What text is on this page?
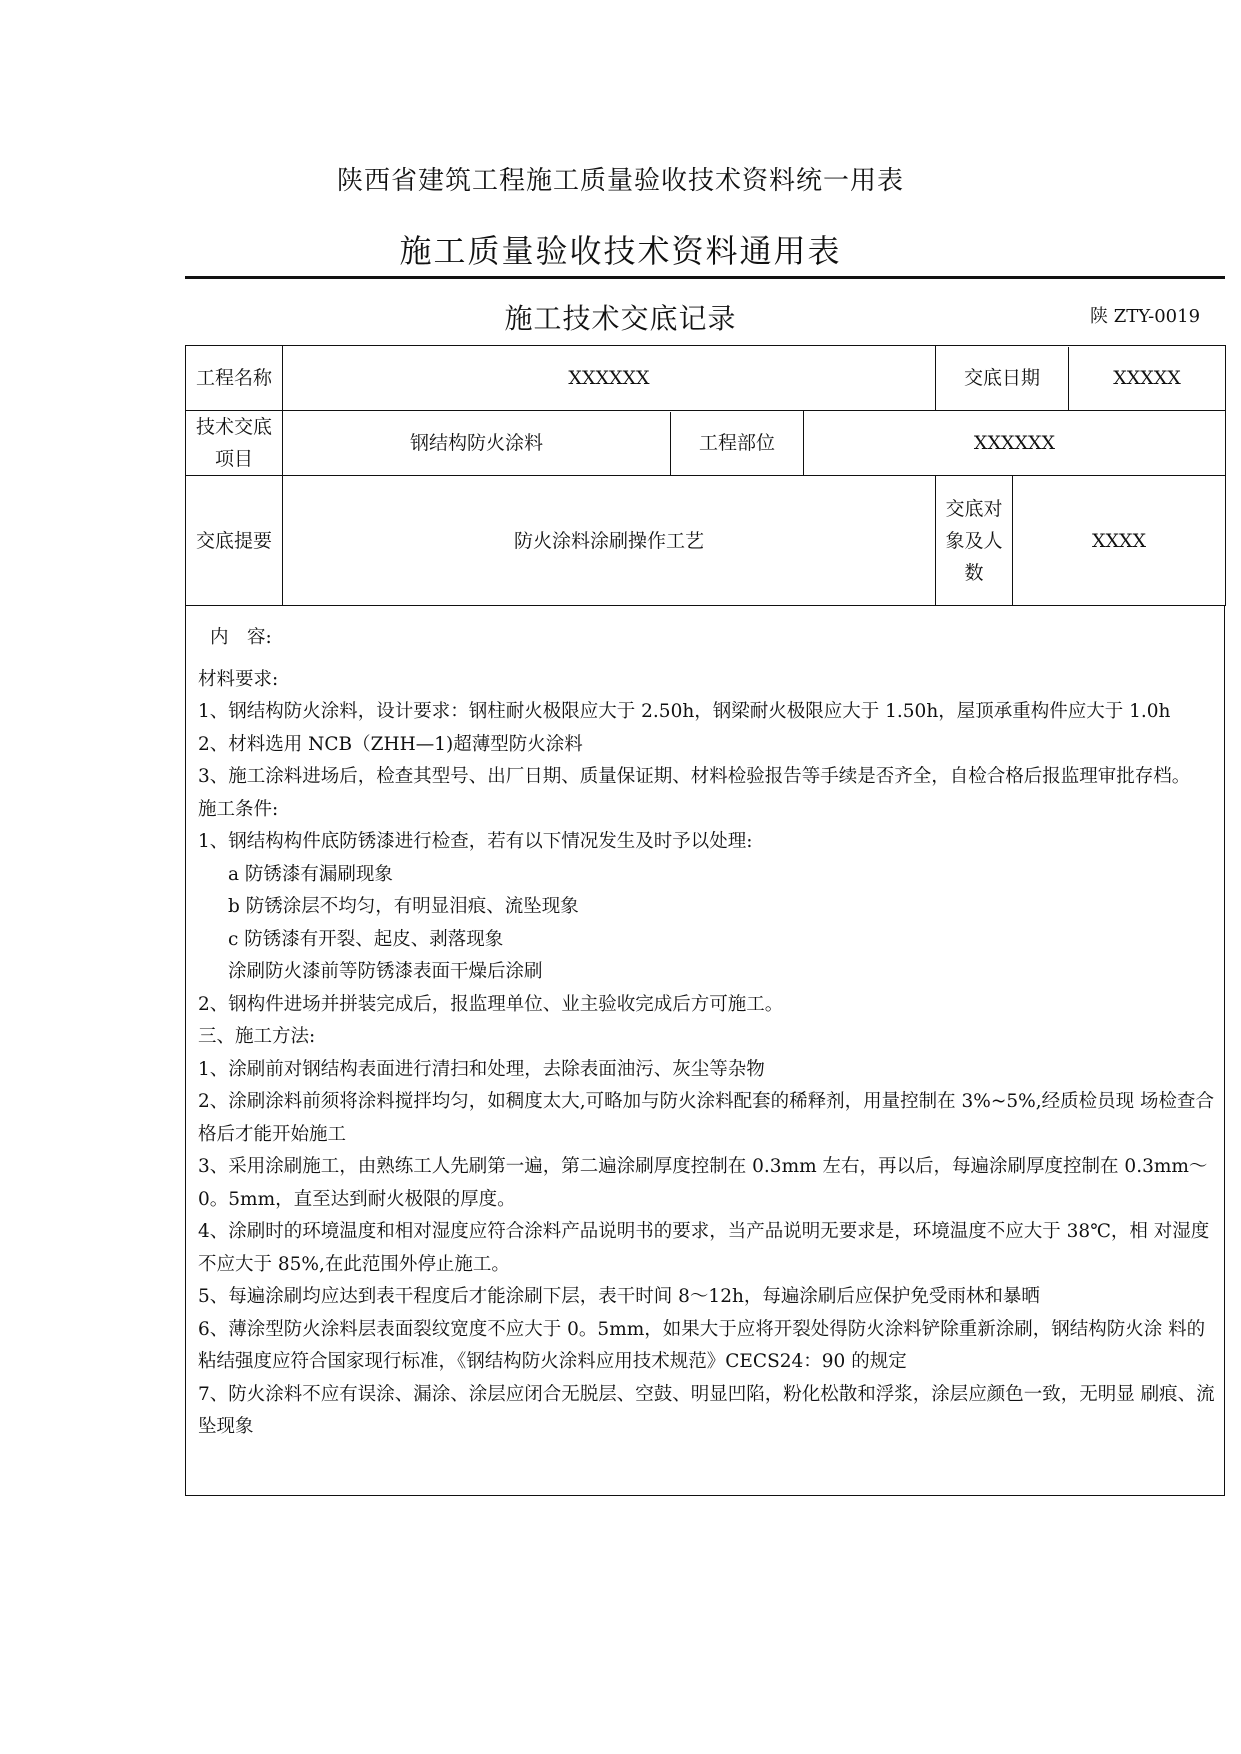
陕西省建筑工程施工质量验收技术资料统一用表
施工质量验收技术资料通用表
施工技术交底记录	陕 ZTY-0019
工程名称	XXXXXX		交底日期 XXXXX	

技术交底项目	钢结构防火涂料 工程部位	XXXXXX		
交底提要	防火涂料涂刷操作工艺		交底对象及人数	XXXX

内　容:

材料要求:

1、钢结构防火涂料，设计要求：钢柱耐火极限应大于 2.50h，钢梁耐火极限应大于 1.50h，屋顶承重构件应大于 1.0h

2、材料选用 NCB（ZHH—1)超薄型防火涂料

3、施工涂料进场后，检查其型号、出厂日期、质量保证期、材料检验报告等手续是否齐全，自检合格后报监理审批存档。

施工条件:

1、钢结构构件底防锈漆进行检查，若有以下情况发生及时予以处理:

a 防锈漆有漏刷现象

b 防锈涂层不均匀，有明显泪痕、流坠现象

c 防锈漆有开裂、起皮、剥落现象

涂刷防火漆前等防锈漆表面干燥后涂刷

2、钢构件进场并拼装完成后，报监理单位、业主验收完成后方可施工。

三、施工方法:

1、涂刷前对钢结构表面进行清扫和处理，去除表面油污、灰尘等杂物

2、涂刷涂料前须将涂料搅拌均匀，如稠度太大,可略加与防火涂料配套的稀释剂，用量控制在 3%~5%,经质检员现 场检查合格后才能开始施工

3、采用涂刷施工，由熟练工人先刷第一遍，第二遍涂刷厚度控制在 0.3mm 左右，再以后，每遍涂刷厚度控制在 0.3mm～0。5mm，直至达到耐火极限的厚度。

4、涂刷时的环境温度和相对湿度应符合涂料产品说明书的要求，当产品说明无要求是，环境温度不应大于 38℃，相 对湿度不应大于 85%,在此范围外停止施工。

5、每遍涂刷均应达到表干程度后才能涂刷下层，表干时间 8～12h，每遍涂刷后应保护免受雨林和暴晒

6、薄涂型防火涂料层表面裂纹宽度不应大于 0。5mm，如果大于应将开裂处得防火涂料铲除重新涂刷，钢结构防火涂 料的粘结强度应符合国家现行标准，《钢结构防火涂料应用技术规范》CECS24：90 的规定

7、防火涂料不应有误涂、漏涂、涂层应闭合无脱层、空鼓、明显凹陷，粉化松散和浮浆，涂层应颜色一致，无明显 刷痕、流坠现象
